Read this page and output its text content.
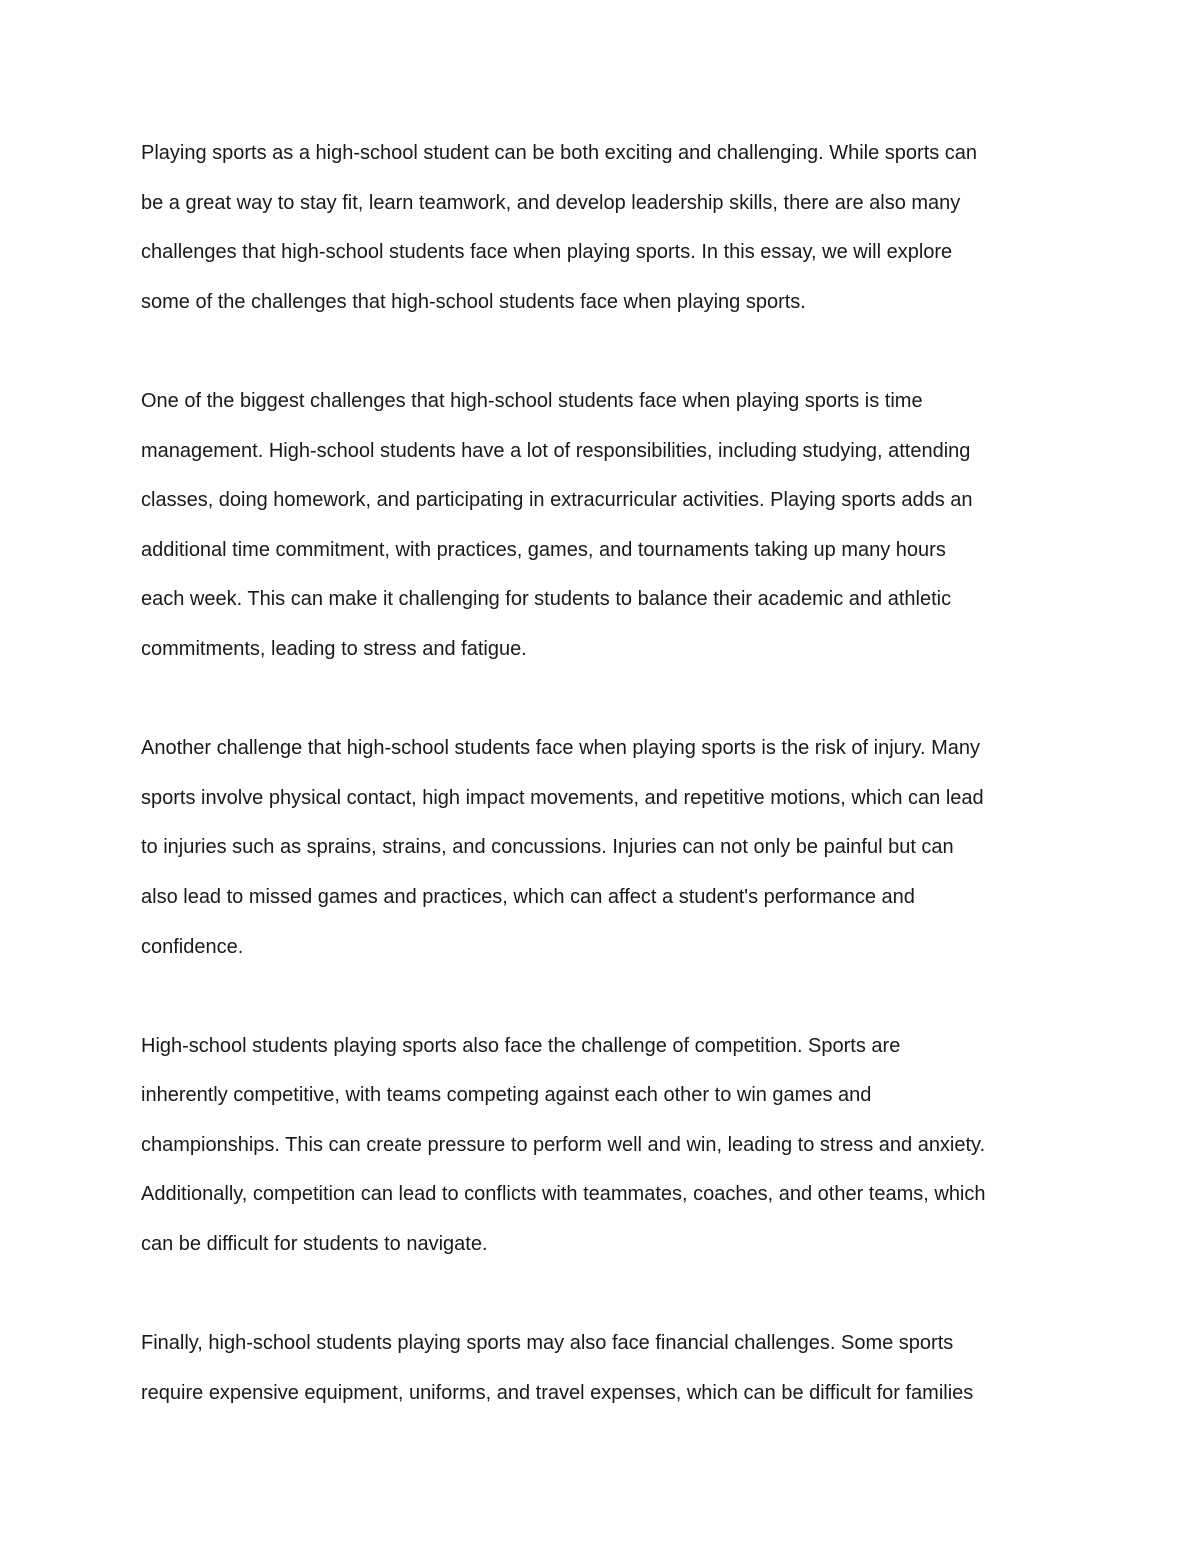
Playing sports as a high-school student can be both exciting and challenging. While sports can
be a great way to stay fit, learn teamwork, and develop leadership skills, there are also many
challenges that high-school students face when playing sports. In this essay, we will explore
some of the challenges that high-school students face when playing sports.

One of the biggest challenges that high-school students face when playing sports is time
management. High-school students have a lot of responsibilities, including studying, attending
classes, doing homework, and participating in extracurricular activities. Playing sports adds an
additional time commitment, with practices, games, and tournaments taking up many hours
each week. This can make it challenging for students to balance their academic and athletic
commitments, leading to stress and fatigue.

Another challenge that high-school students face when playing sports is the risk of injury. Many
sports involve physical contact, high impact movements, and repetitive motions, which can lead
to injuries such as sprains, strains, and concussions. Injuries can not only be painful but can
also lead to missed games and practices, which can affect a student's performance and
confidence.

High-school students playing sports also face the challenge of competition. Sports are
inherently competitive, with teams competing against each other to win games and
championships. This can create pressure to perform well and win, leading to stress and anxiety.
Additionally, competition can lead to conflicts with teammates, coaches, and other teams, which
can be difficult for students to navigate.

Finally, high-school students playing sports may also face financial challenges. Some sports
require expensive equipment, uniforms, and travel expenses, which can be difficult for families
